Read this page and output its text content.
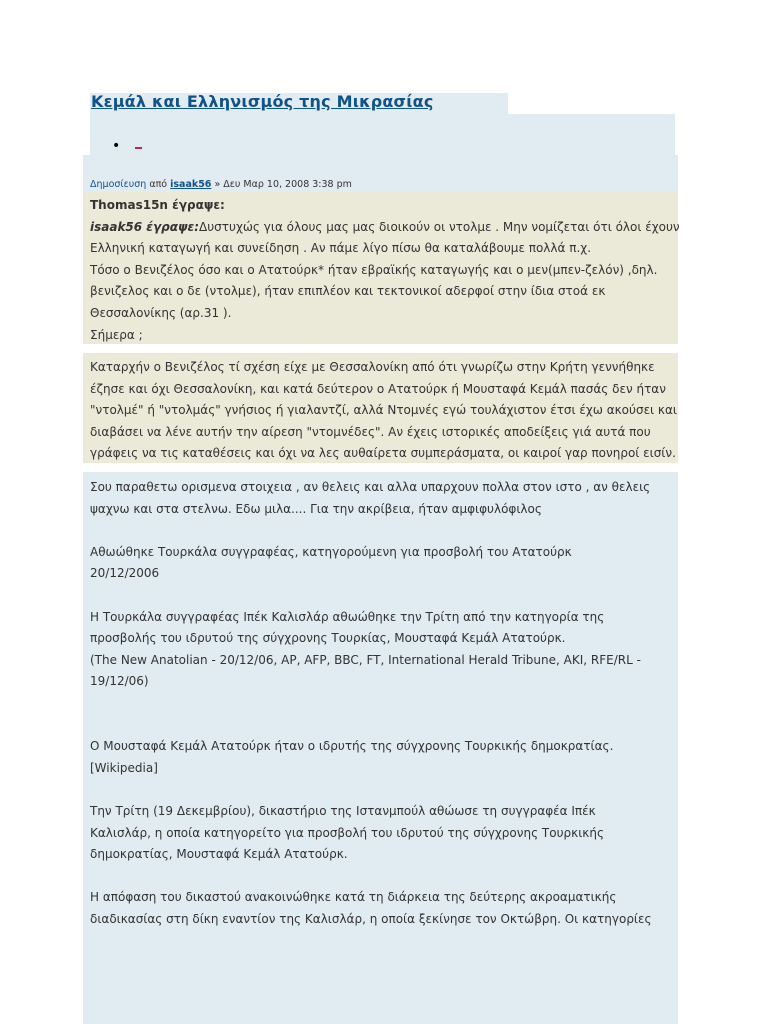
Κεμάλ και Ελληνισμός της Μικρασίας
•
Δημοσίευση από isaak56 » Δευ Μαρ 10, 2008 3:38 pm

Thomas15n έγραψε:

isaak56 έγραψε:Δυστυχώς για όλους μας μας διοικούν οι ντολμε . Μην νομίζεται ότι όλοι έχουν

Ελληνική καταγωγή και συνείδηση . Αν πάμε λίγο πίσω θα καταλάβουμε πολλά π.χ.

Τόσο ο Βενιζέλος όσο και ο Ατατούρκ* ήταν εβραϊκής καταγωγής και ο μεν(μπεν-ζελόν) ,δηλ.

βενιζελος και ο δε (ντολμε), ήταν επιπλέον και τεκτονικοί αδερφοί στην ίδια στοά εκ

Θεσσαλονίκης (αρ.31 ).

Σήμερα ;

Καταρχήν ο Βενιζέλος τί σχέση είχε με Θεσσαλονίκη από ότι γνωρίζω στην Κρήτη γεννήθηκε

έζησε και όχι Θεσσαλονίκη, και κατά δεύτερον ο Ατατούρκ ή Μουσταφά Κεμάλ πασάς δεν ήταν

"ντολμέ" ή "ντολμάς" γνήσιος ή γιαλαντζί, αλλά Ντομνές εγώ τουλάχιστον έτσι έχω ακούσει και

διαβάσει να λένε αυτήν την αίρεση "ντομνέδες". Αν έχεις ιστορικές αποδείξεις γιά αυτά που

γράφεις να τις καταθέσεις και όχι να λες αυθαίρετα συμπεράσματα, οι καιροί γαρ πονηροί εισίν.

Σου παραθετω ορισμενα στοιχεια , αν θελεις και αλλα υπαρχουν πολλα στον ιστο , αν θελεις

ψαχνω και στα στελνω. Εδω μιλα.... Για την ακρίβεια, ήταν αμφιφυλόφιλος

Αθωώθηκε Τουρκάλα συγγραφέας, κατηγορούμενη για προσβολή του Ατατούρκ

20/12/2006

Η Τουρκάλα συγγραφέας Ιπέκ Καλισλάρ αθωώθηκε την Τρίτη από την κατηγορία της

προσβολής του ιδρυτού της σύγχρονης Τουρκίας, Μουσταφά Κεμάλ Ατατούρκ.

(The New Anatolian - 20/12/06, AP, AFP, BBC, FT, International Herald Tribune, AKI, RFE/RL -

19/12/06)

Ο Μουσταφά Κεμάλ Ατατούρκ ήταν ο ιδρυτής της σύγχρονης Τουρκικής δημοκρατίας.

[Wikipedia]

Την Τρίτη (19 Δεκεμβρίου), δικαστήριο της Ιστανμπούλ αθώωσε τη συγγραφέα Ιπέκ

Καλισλάρ, η οποία κατηγορείτο για προσβολή του ιδρυτού της σύγχρονης Τουρκικής

δημοκρατίας, Μουσταφά Κεμάλ Ατατούρκ.

Η απόφαση του δικαστού ανακοινώθηκε κατά τη διάρκεια της δεύτερης ακροαματικής

διαδικασίας στη δίκη εναντίον της Καλισλάρ, η οποία ξεκίνησε τον Οκτώβρη. Οι κατηγορίες
